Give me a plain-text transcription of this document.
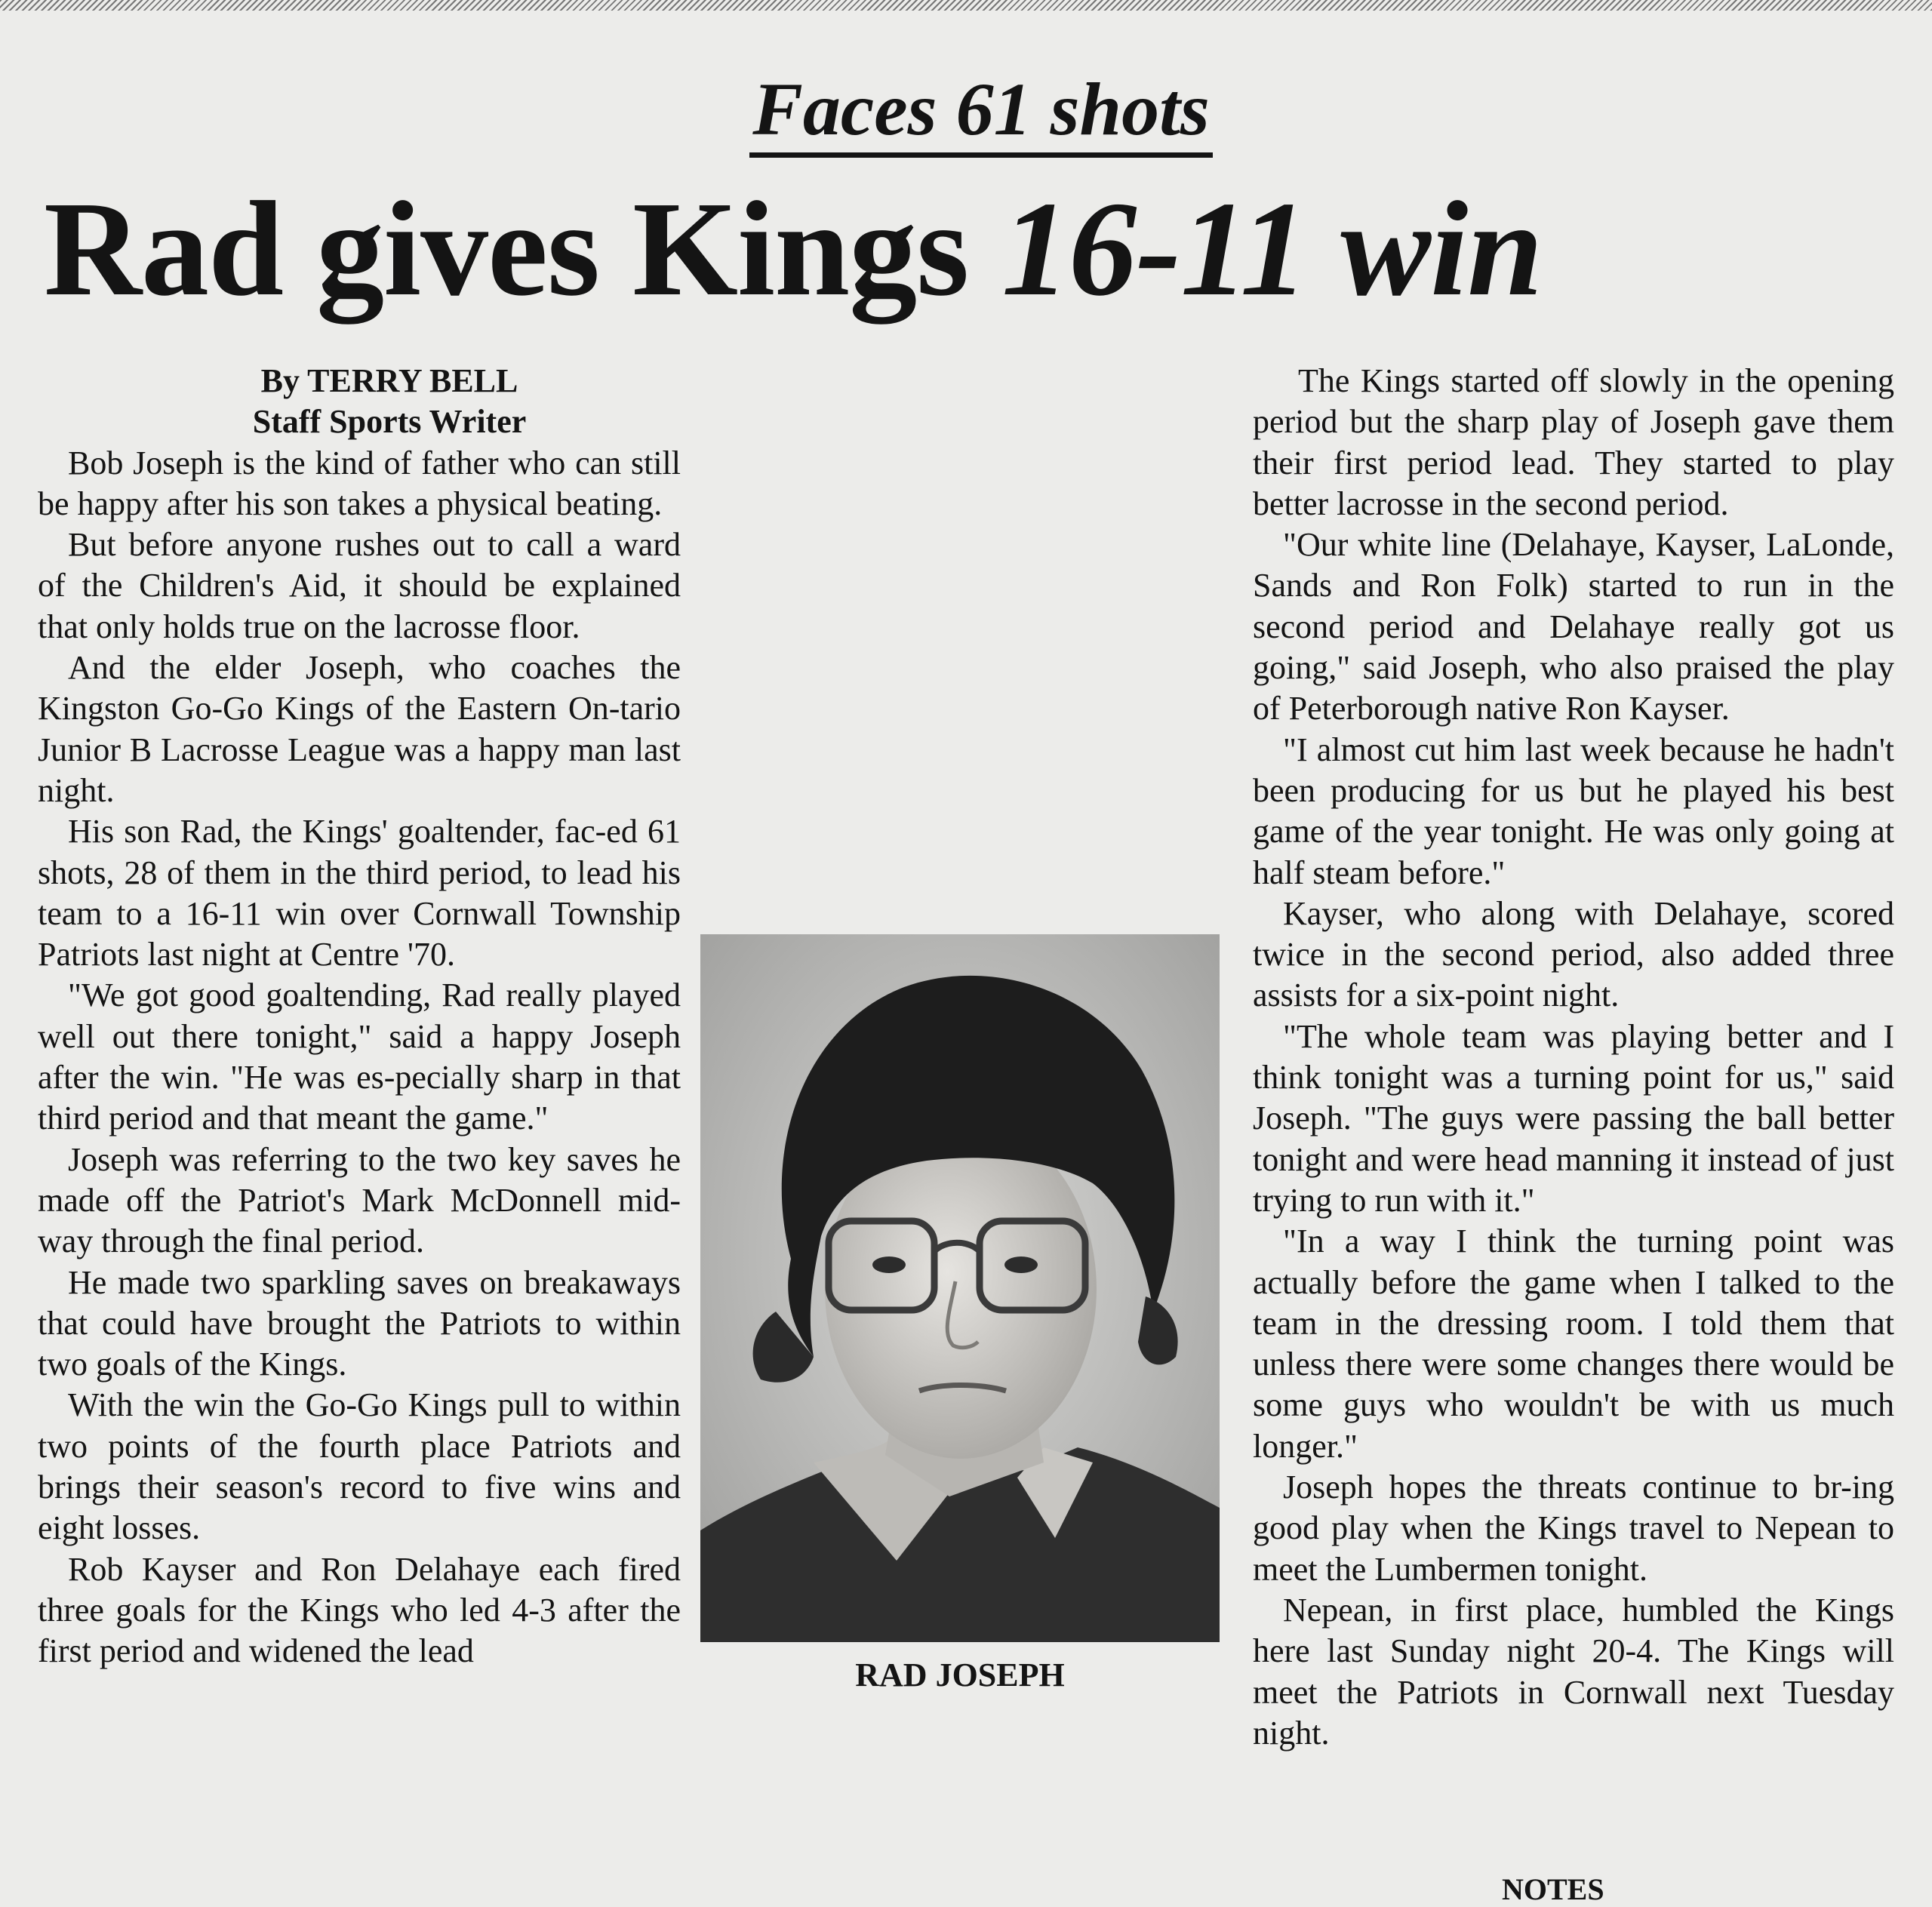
Faces 61 shots
Rad gives Kings 16-11 win
By TERRY BELL
Staff Sports Writer

Bob Joseph is the kind of father who can still be happy after his son takes a physical beating.

But before anyone rushes out to call a ward of the Children's Aid, it should be explained that only holds true on the lacrosse floor.

And the elder Joseph, who coaches the Kingston Go-Go Kings of the Eastern On-tario Junior B Lacrosse League was a happy man last night.

His son Rad, the Kings' goaltender, fac-ed 61 shots, 28 of them in the third period, to lead his team to a 16-11 win over Cornwall Township Patriots last night at Centre '70.

"We got good goaltending, Rad really played well out there tonight," said a happy Joseph after the win. "He was es-pecially sharp in that third period and that meant the game."

Joseph was referring to the two key saves he made off the Patriot's Mark McDonnell mid-way through the final period.

He made two sparkling saves on breakaways that could have brought the Patriots to within two goals of the Kings.

With the win the Go-Go Kings pull to within two points of the fourth place Patriots and brings their season's record to five wins and eight losses.

Rob Kayser and Ron Delahaye each fired three goals for the Kings who led 4-3 after the first period and widened the lead

RAD JOSEPH

The Kings started off slowly in the opening period but the sharp play of Joseph gave them their first period lead. They started to play better lacrosse in the second period.

"Our white line (Delahaye, Kayser, LaLonde, Sands and Ron Folk) started to run in the second period and Delahaye really got us going," said Joseph, who also praised the play of Peterborough native Ron Kayser.

"I almost cut him last week because he hadn't been producing for us but he played his best game of the year tonight. He was only going at half steam before."

Kayser, who along with Delahaye, scored twice in the second period, also added three assists for a six-point night.

"The whole team was playing better and I think tonight was a turning point for us," said Joseph. "The guys were passing the ball better tonight and were head manning it instead of just trying to run with it."

"In a way I think the turning point was actually before the game when I talked to the team in the dressing room. I told them that unless there were some changes there would be some guys who wouldn't be with us much longer."

Joseph hopes the threats continue to br-ing good play when the Kings travel to Nepean to meet the Lumbermen tonight.

Nepean, in first place, humbled the Kings here last Sunday night 20-4. The Kings will meet the Patriots in Cornwall next Tuesday night.

NOTES
